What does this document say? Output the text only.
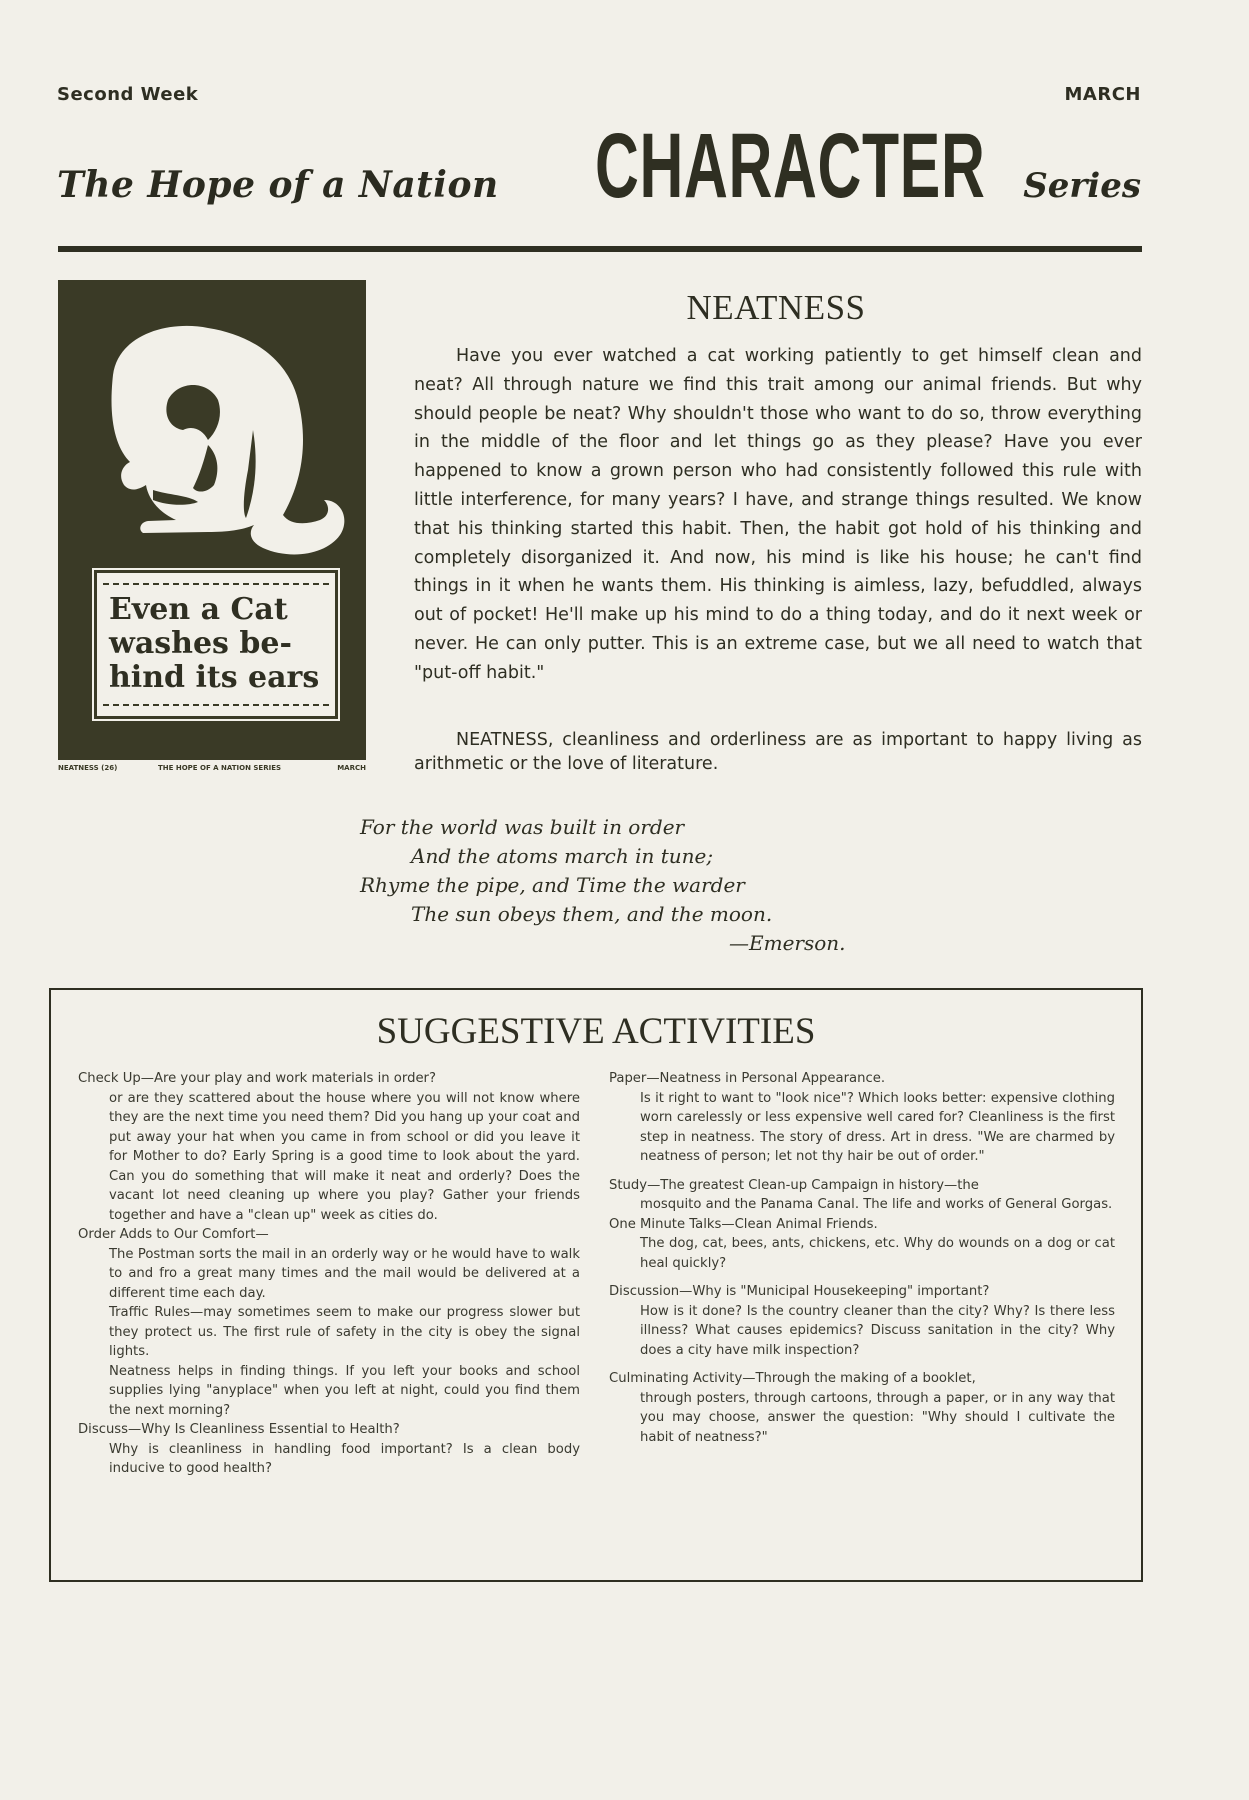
Second Week	MARCH
The Hope of a Nation CHARACTER Series
Even a Cat washes be- hind its ears
NEATNESS (26)	THE HOPE OF A NATION SERIES	MARCH
NEATNESS
Have you ever watched a cat working patiently to get himself clean and neat? All through nature we find this trait among our animal friends. But why should people be neat? Why shouldn't those who want to do so, throw everything in the middle of the floor and let things go as they please? Have you ever happened to know a grown person who had consistently followed this rule with little interference, for many years? I have, and strange things resulted. We know that his thinking started this habit. Then, the habit got hold of his thinking and completely disorganized it. And now, his mind is like his house; he can't find things in it when he wants them. His thinking is aimless, lazy, befuddled, always out of pocket! He'll make up his mind to do a thing today, and do it next week or never. He can only putter. This is an extreme case, but we all need to watch that "put-off habit."
NEATNESS, cleanliness and orderliness are as important to happy living as arithmetic or the love of literature.
For the world was built in order
And the atoms march in tune;
Rhyme the pipe, and Time the warder
The sun obeys them, and the moon.
—Emerson.
SUGGESTIVE ACTIVITIES
Check Up—Are your play and work materials in order?
or are they scattered about the house where you will not know where they are the next time you need them? Did you hang up your coat and put away your hat when you came in from school or did you leave it for Mother to do? Early Spring is a good time to look about the yard. Can you do something that will make it neat and orderly? Does the vacant lot need cleaning up where you play? Gather your friends together and have a "clean up" week as cities do.
Order Adds to Our Comfort—
The Postman sorts the mail in an orderly way or he would have to walk to and fro a great many times and the mail would be delivered at a different time each day.
Traffic Rules—may sometimes seem to make our progress slower but they protect us. The first rule of safety in the city is obey the signal lights.
Neatness helps in finding things. If you left your books and school supplies lying "anyplace" when you left at night, could you find them the next morning?
Discuss—Why Is Cleanliness Essential to Health?
Why is cleanliness in handling food important? Is a clean body inducive to good health?
Paper—Neatness in Personal Appearance.
Is it right to want to "look nice"? Which looks better: expensive clothing worn carelessly or less expensive well cared for? Cleanliness is the first step in neatness. The story of dress. Art in dress. "We are charmed by neatness of person; let not thy hair be out of order."
Study—The greatest Clean-up Campaign in history—the
mosquito and the Panama Canal. The life and works of General Gorgas.
One Minute Talks—Clean Animal Friends.
The dog, cat, bees, ants, chickens, etc. Why do wounds on a dog or cat heal quickly?
Discussion—Why is "Municipal Housekeeping" important?
How is it done? Is the country cleaner than the city? Why? Is there less illness? What causes epidemics? Discuss sanitation in the city? Why does a city have milk inspection?
Culminating Activity—Through the making of a booklet,
through posters, through cartoons, through a paper, or in any way that you may choose, answer the question: "Why should I cultivate the habit of neatness?"
